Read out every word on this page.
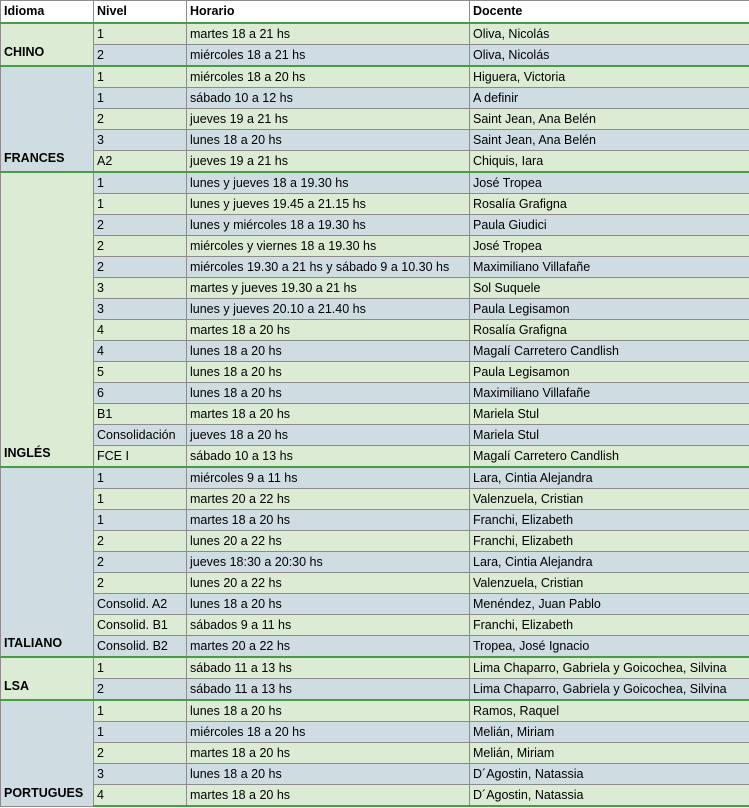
Idioma	Nivel	Horario	Docente
CHINO	1	martes 18 a 21 hs	Oliva, Nicolás
	2	miércoles 18 a 21 hs	Oliva, Nicolás
FRANCES	1	miércoles 18 a 20 hs	Higuera, Victoria
	1	sábado 10 a 12 hs	A definir
	2	jueves 19 a 21 hs	Saint Jean, Ana Belén
	3	lunes 18 a 20 hs	Saint Jean, Ana Belén
	A2	jueves 19 a 21 hs	Chiquis, Iara
INGLÉS	1	lunes y jueves 18 a 19.30 hs	José Tropea
	1	lunes y jueves 19.45 a 21.15 hs	Rosalía Grafigna
	2	lunes y miércoles 18 a 19.30 hs	Paula Giudici
	2	miércoles y viernes 18 a 19.30 hs	José Tropea
	2	miércoles 19.30 a 21 hs y sábado 9 a 10.30 hs	Maximiliano Villafañe
	3	martes y jueves 19.30 a 21 hs	Sol Suquele
	3	lunes y jueves 20.10 a 21.40 hs	Paula Legisamon
	4	martes 18 a 20 hs	Rosalía Grafigna
	4	lunes 18 a 20 hs	Magalí Carretero Candlish
	5	lunes 18 a 20 hs	Paula Legisamon
	6	lunes 18 a 20 hs	Maximiliano Villafañe
	B1	martes 18 a 20 hs	Mariela Stul
	Consolidación	jueves 18 a 20 hs	Mariela Stul
	FCE I	sábado 10 a 13 hs	Magalí Carretero Candlish
ITALIANO	1	miércoles 9 a 11 hs	Lara, Cintia Alejandra
	1	martes 20 a 22 hs	Valenzuela, Cristian
	1	martes 18 a 20 hs	Franchi, Elizabeth
	2	lunes 20 a 22 hs	Franchi, Elizabeth
	2	jueves 18:30 a 20:30 hs	Lara, Cintia Alejandra
	2	lunes 20 a 22 hs	Valenzuela, Cristian
	Consolid. A2	lunes 18 a 20 hs	Menéndez, Juan Pablo
	Consolid. B1	sábados 9 a 11 hs	Franchi, Elizabeth
	Consolid. B2	martes 20 a 22 hs	Tropea, José Ignacio
LSA	1	sábado 11 a 13 hs	Lima Chaparro, Gabriela y Goicochea, Silvina
	2	sábado 11 a 13 hs	Lima Chaparro, Gabriela y Goicochea, Silvina
PORTUGUES	1	lunes 18 a 20 hs	Ramos, Raquel
	1	miércoles 18 a 20 hs	Melián, Miriam
	2	martes 18 a 20 hs	Melián, Miriam
	3	lunes 18 a 20 hs	D´Agostin, Natassia
	4	martes 18 a 20 hs	D´Agostin, Natassia
